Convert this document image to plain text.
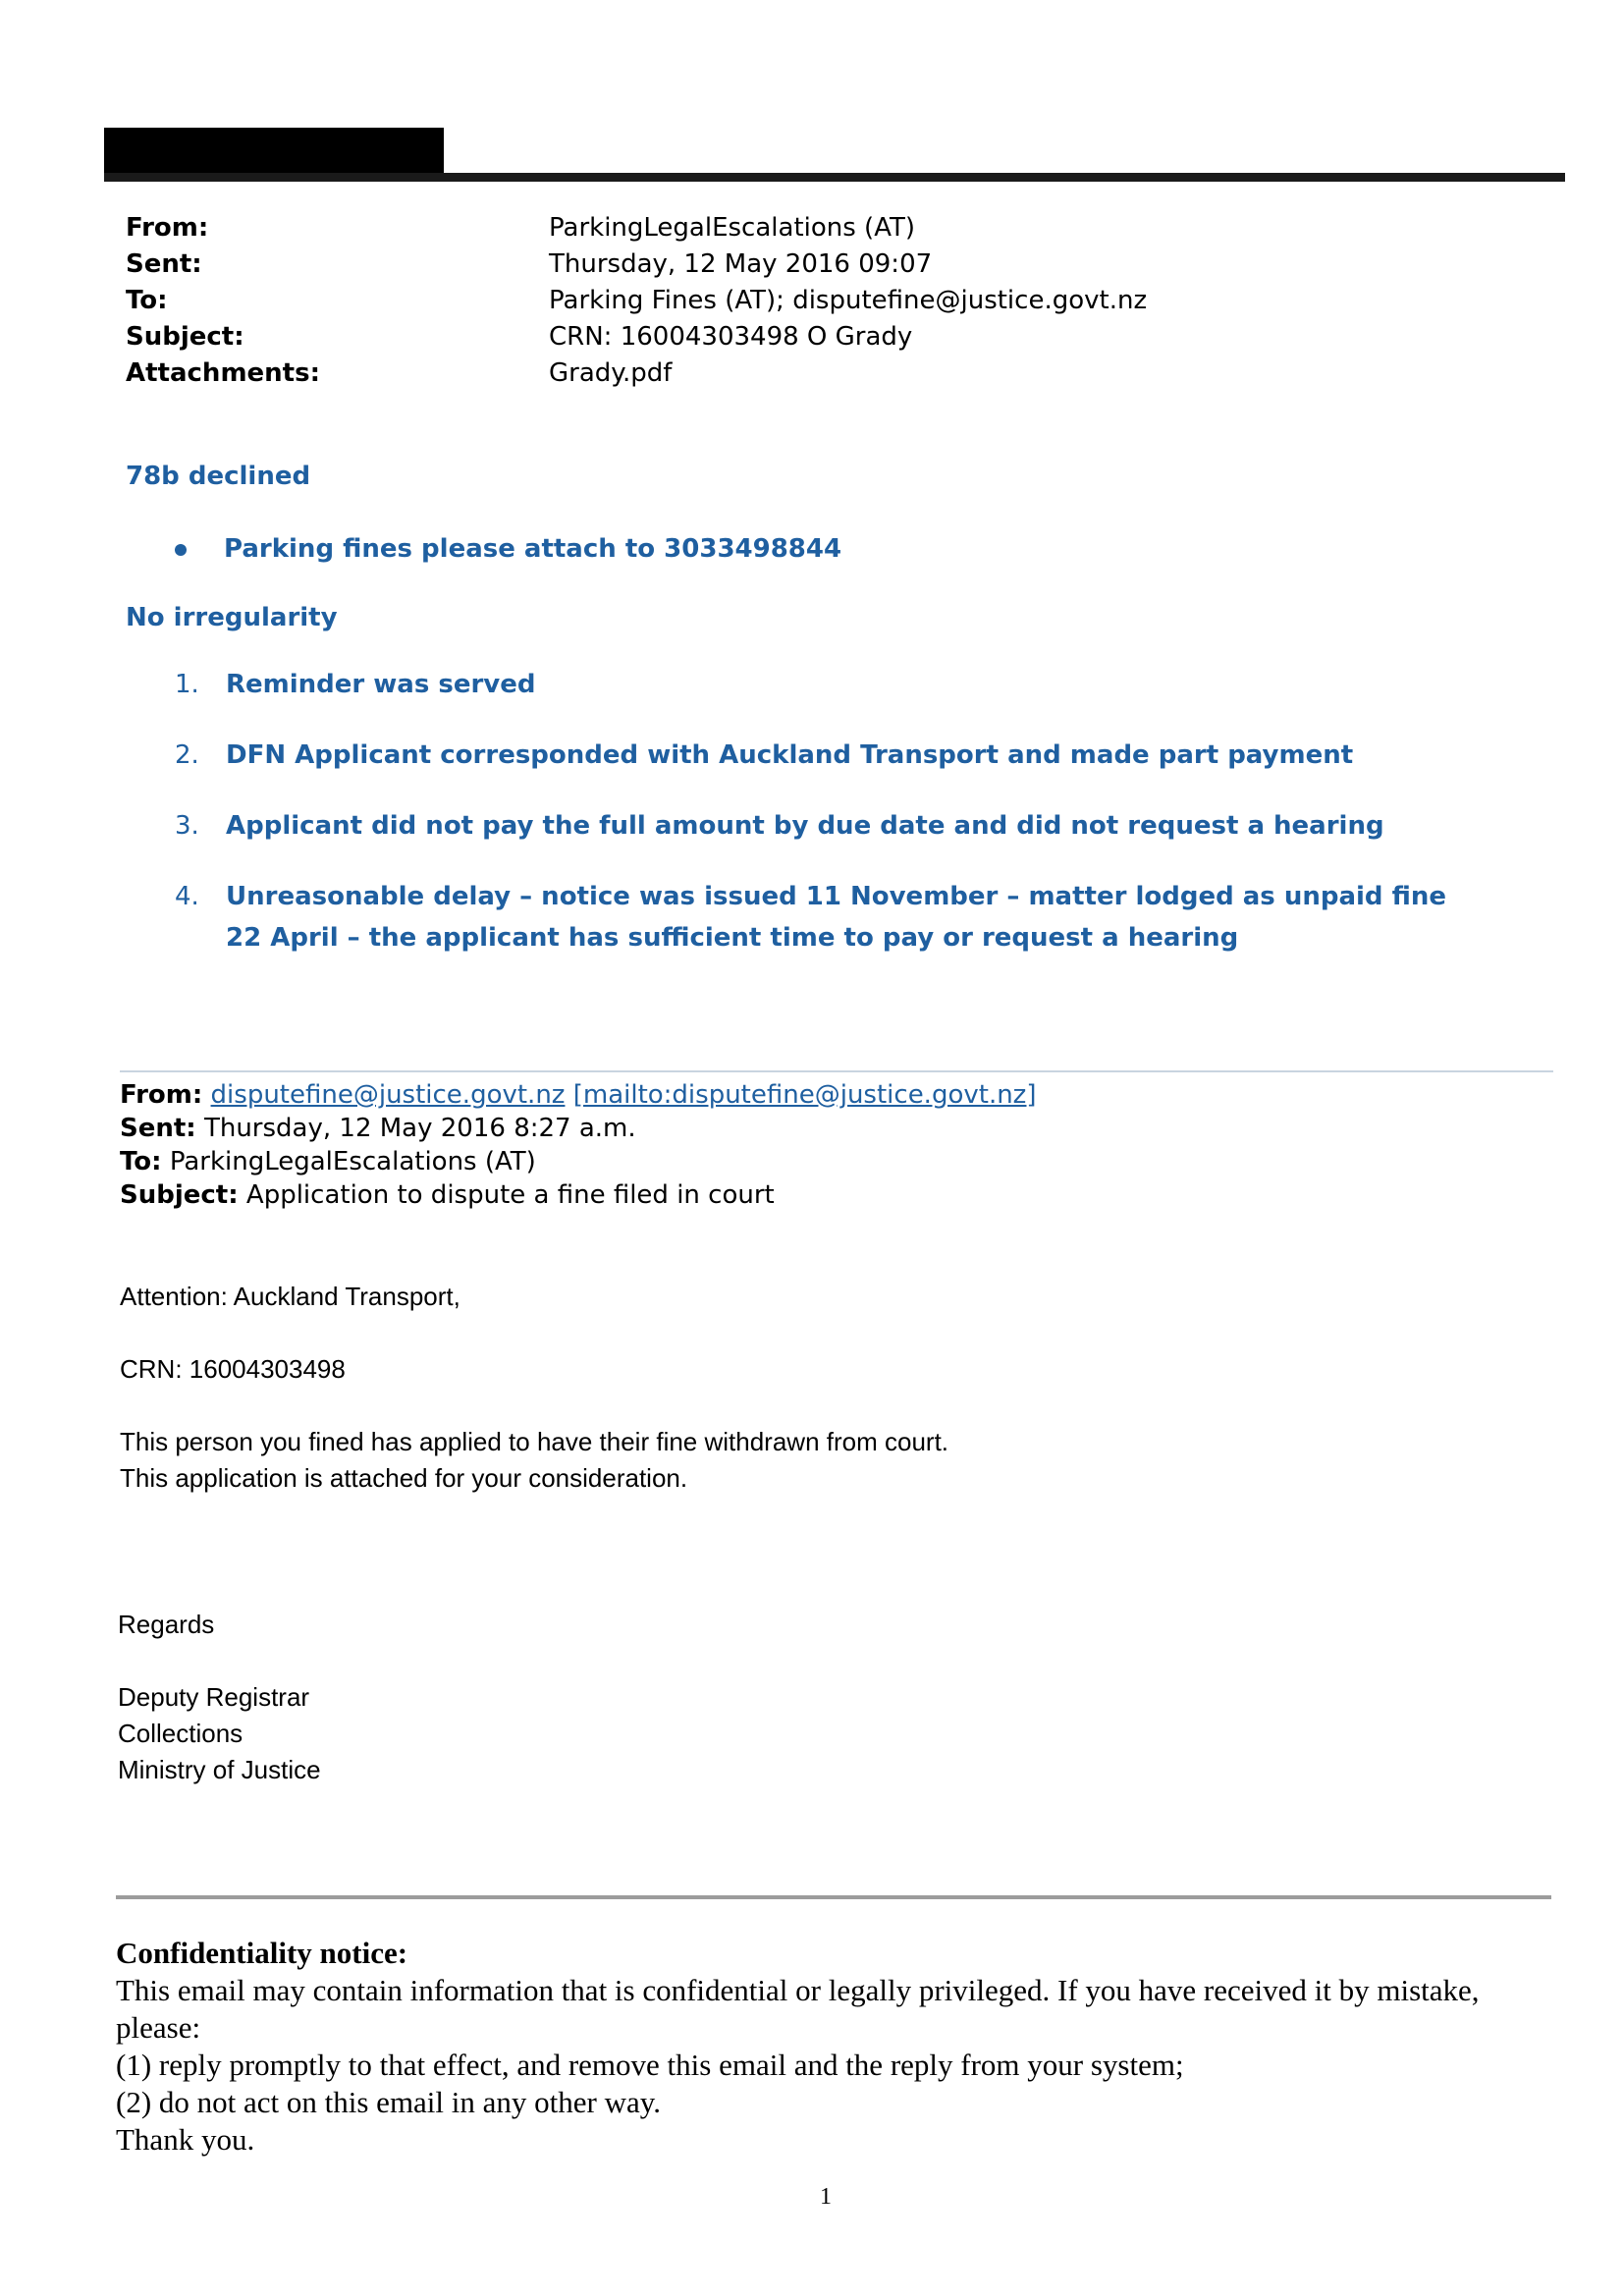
From:	ParkingLegalEscalations (AT)
Sent:	Thursday, 12 May 2016 09:07
To:	Parking Fines (AT); disputefine@justice.govt.nz
Subject:	CRN: 16004303498 O Grady
Attachments:	Grady.pdf
78b declined
Parking fines please attach to 3033498844
No irregularity
1.	Reminder was served
2.	DFN Applicant corresponded with Auckland Transport and made part payment
3.	Applicant did not pay the full amount by due date and did not request a hearing
4.	Unreasonable delay – notice was issued 11 November – matter lodged as unpaid fine 22 April – the applicant has sufficient time to pay or request a hearing
From: disputefine@justice.govt.nz [mailto:disputefine@justice.govt.nz]
Sent: Thursday, 12 May 2016 8:27 a.m.
To: ParkingLegalEscalations (AT)
Subject: Application to dispute a fine filed in court
Attention: Auckland Transport,
CRN: 16004303498
This person you fined has applied to have their fine withdrawn from court.
This application is attached for your consideration.
Regards
Deputy Registrar
Collections
Ministry of Justice
Confidentiality notice:
This email may contain information that is confidential or legally privileged. If you have received it by mistake, please:
(1) reply promptly to that effect, and remove this email and the reply from your system;
(2) do not act on this email in any other way.
Thank you.
1
